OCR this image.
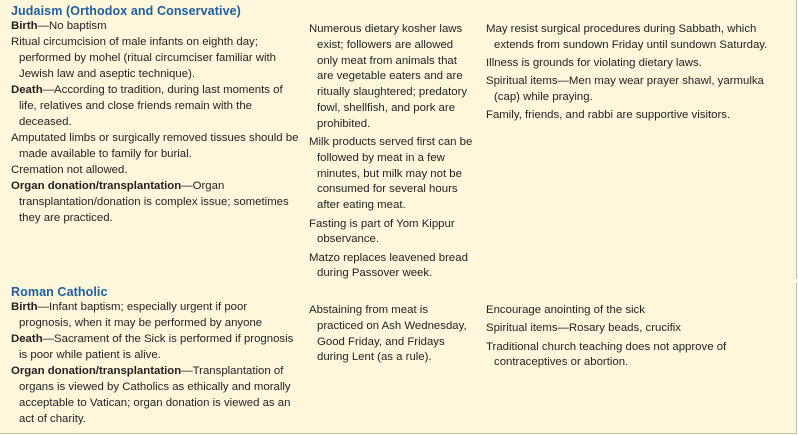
Judaism (Orthodox and Conservative)

Birth—No baptism

Ritual circumcision of male infants on eighth day; performed by mohel (ritual circumciser familiar with Jewish law and aseptic technique).

Death—According to tradition, during last moments of life, relatives and close friends remain with the deceased.

Amputated limbs or surgically removed tissues should be made available to family for burial.

Cremation not allowed.

Organ donation/transplantation—Organ transplantation/donation is complex issue; sometimes they are practiced.

Numerous dietary kosher laws exist; followers are allowed only meat from animals that are vegetable eaters and are ritually slaughtered; predatory fowl, shellfish, and pork are prohibited.

Milk products served first can be followed by meat in a few minutes, but milk may not be consumed for several hours after eating meat.

Fasting is part of Yom Kippur observance.

Matzo replaces leavened bread during Passover week.

May resist surgical procedures during Sabbath, which extends from sundown Friday until sundown Saturday.

Illness is grounds for violating dietary laws.

Spiritual items—Men may wear prayer shawl, yarmulka (cap) while praying.

Family, friends, and rabbi are supportive visitors.

Roman Catholic

Birth—Infant baptism; especially urgent if poor prognosis, when it may be performed by anyone

Death—Sacrament of the Sick is performed if prognosis is poor while patient is alive.

Organ donation/transplantation—Transplantation of organs is viewed by Catholics as ethically and morally acceptable to Vatican; organ donation is viewed as an act of charity.

Abstaining from meat is practiced on Ash Wednesday, Good Friday, and Fridays during Lent (as a rule).

Encourage anointing of the sick

Spiritual items—Rosary beads, crucifix

Traditional church teaching does not approve of contraceptives or abortion.
